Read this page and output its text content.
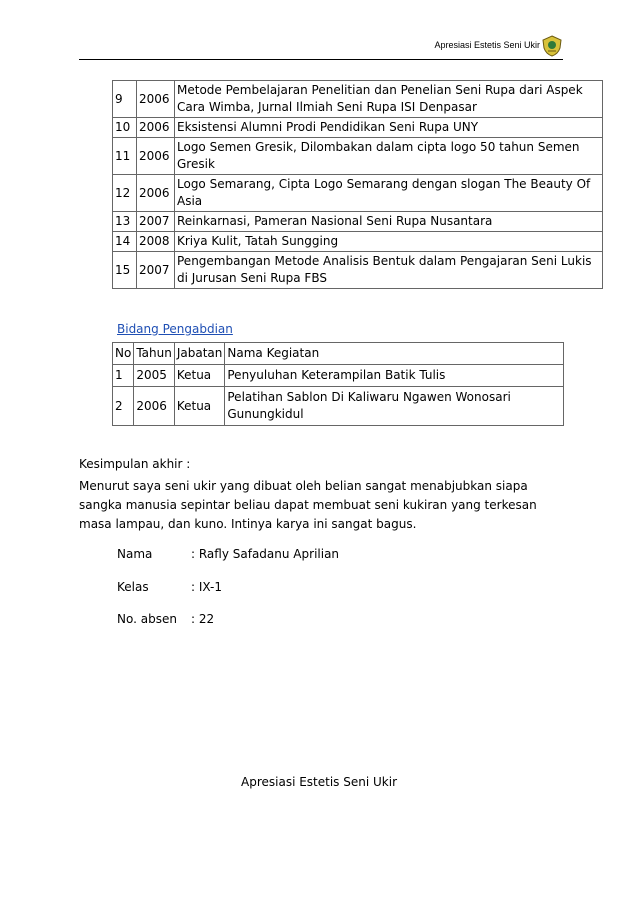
Apresiasi Estetis Seni Ukir
9	2006	Metode Pembelajaran Penelitian dan Penelian Seni Rupa dari Aspek Cara Wimba, Jurnal Ilmiah Seni Rupa ISI Denpasar
10	2006	Eksistensi Alumni Prodi Pendidikan Seni Rupa UNY
11	2006	Logo Semen Gresik, Dilombakan dalam cipta logo 50 tahun Semen Gresik
12	2006	Logo Semarang, Cipta Logo Semarang dengan slogan The Beauty Of Asia
13	2007	Reinkarnasi, Pameran Nasional Seni Rupa Nusantara
14	2008	Kriya Kulit, Tatah Sungging
15	2007	Pengembangan Metode Analisis Bentuk dalam Pengajaran Seni Lukis di Jurusan Seni Rupa FBS
Bidang Pengabdian
No	Tahun	Jabatan	Nama Kegiatan
1	2005	Ketua	Penyuluhan Keterampilan Batik Tulis
2	2006	Ketua	Pelatihan Sablon Di Kaliwaru Ngawen Wonosari Gunungkidul
Kesimpulan akhir :
Menurut saya seni ukir yang dibuat oleh belian sangat menabjubkan siapa sangka manusia sepintar beliau dapat membuat seni kukiran yang terkesan masa lampau, dan kuno. Intinya karya ini sangat bagus.
Nama	: Rafly Safadanu Aprilian
Kelas	: IX-1
No. absen : 22
Apresiasi Estetis Seni Ukir
